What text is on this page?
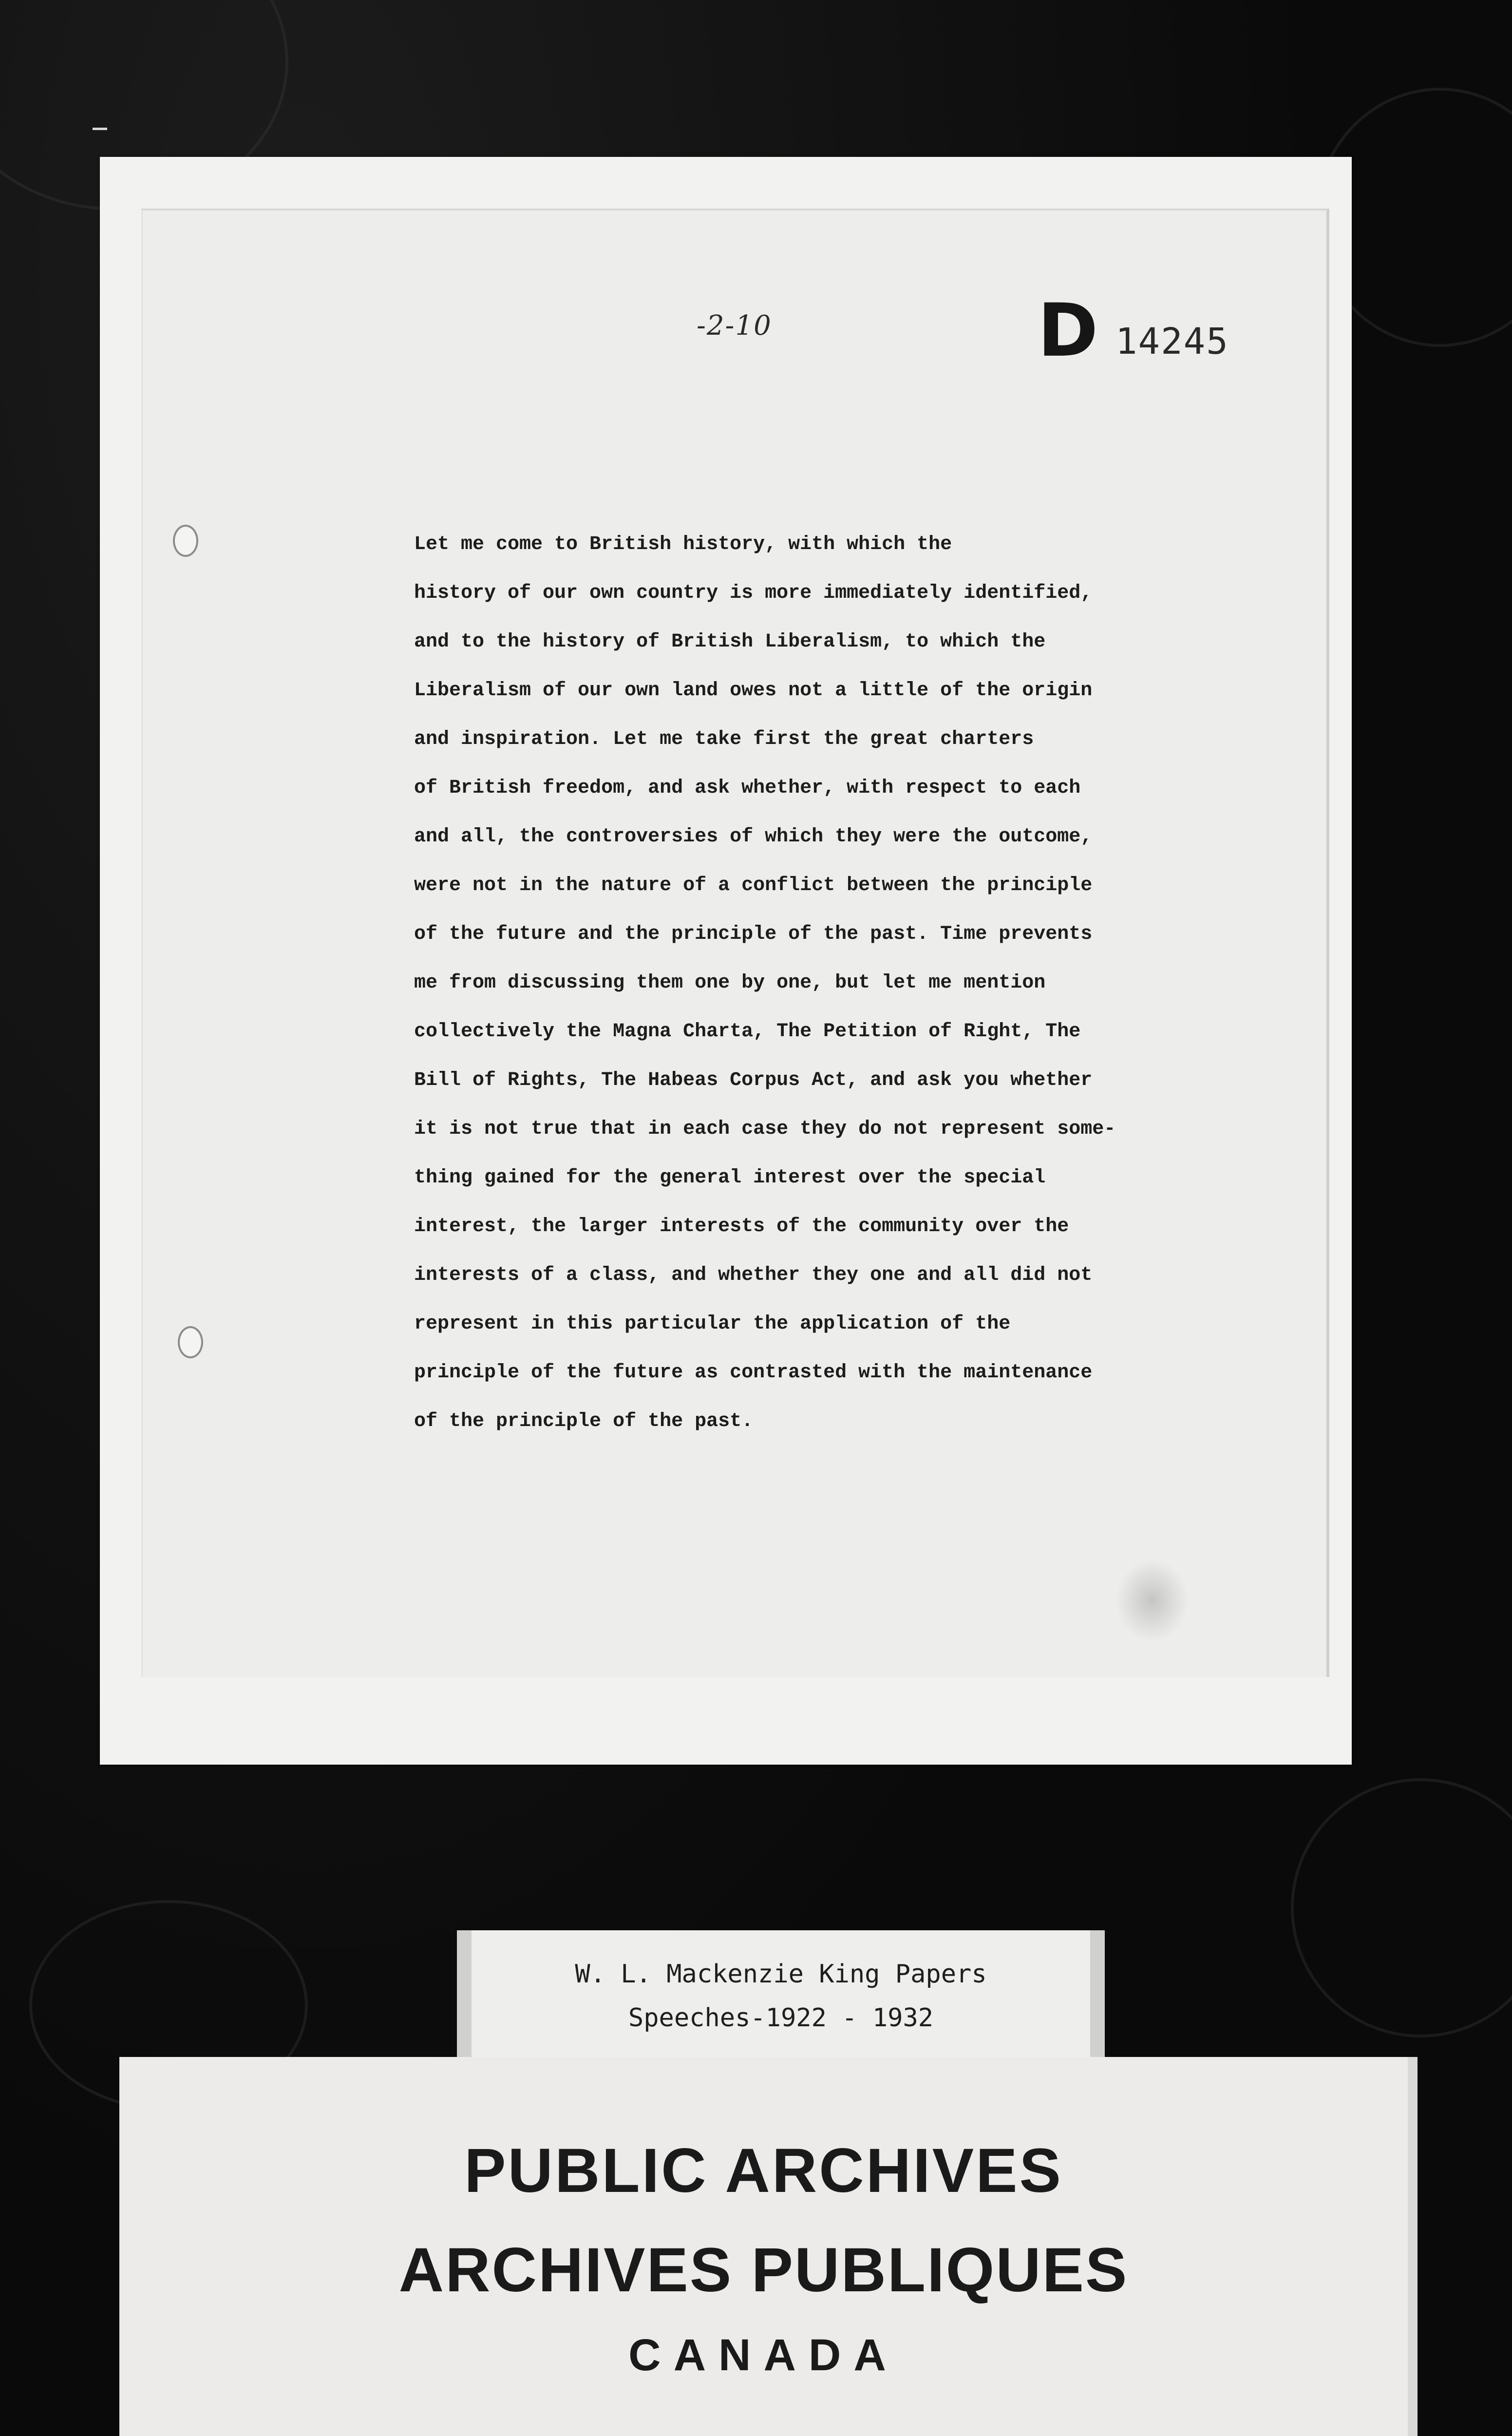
-2-10	D 14245
Let me come to British history, with which the
history of our own country is more immediately identified,
and to the history of British Liberalism, to which the
Liberalism of our own land owes not a little of the origin
and inspiration. Let me take first the great charters
of British freedom, and ask whether, with respect to each
and all, the controversies of which they were the outcome,
were not in the nature of a conflict between the principle
of the future and the principle of the past. Time prevents
me from discussing them one by one, but let me mention
collectively the Magna Charta, The Petition of Right, The
Bill of Rights, The Habeas Corpus Act, and ask you whether
it is not true that in each case they do not represent some-
thing gained for the general interest over the special
interest, the larger interests of the community over the
interests of a class, and whether they one and all did not
represent in this particular the application of the
principle of the future as contrasted with the maintenance
of the principle of the past.
W. L. Mackenzie King Papers
Speeches-1922 - 1932
PUBLIC ARCHIVES
ARCHIVES PUBLIQUES
CANADA
